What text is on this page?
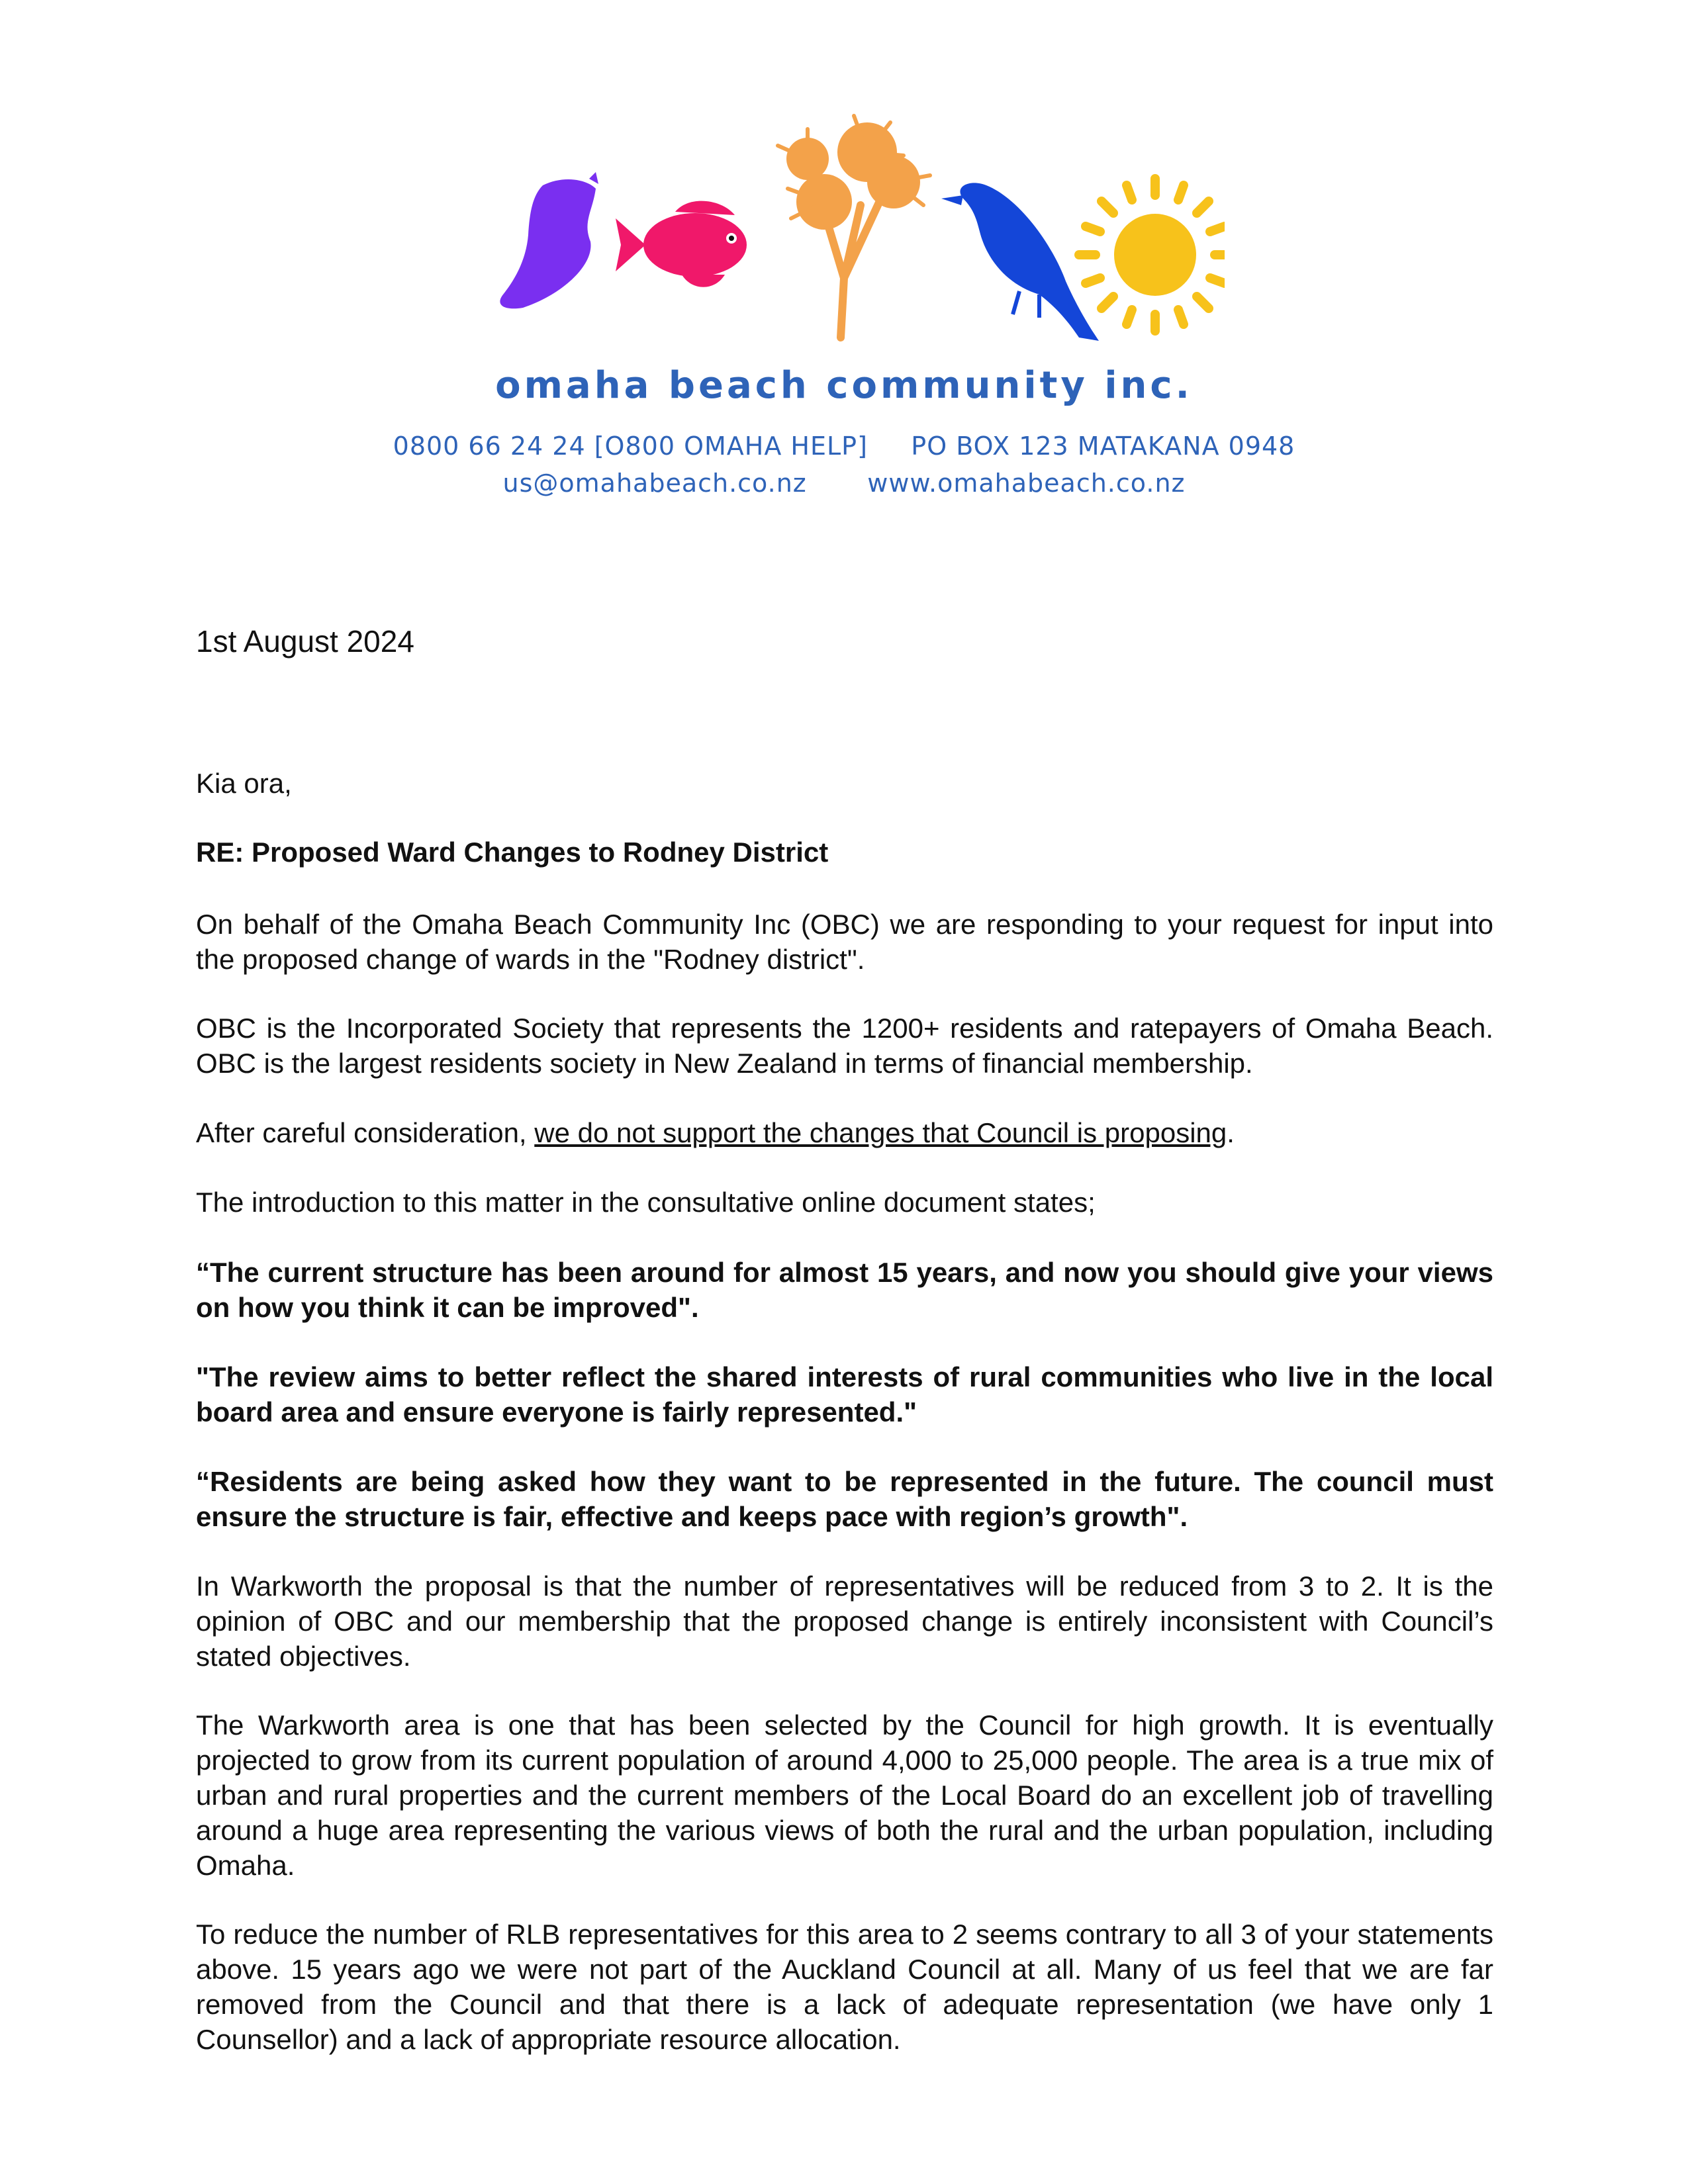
omaha beach community inc.
0800 66 24 24 [O800 OMAHA HELP]     PO BOX 123 MATAKANA 0948
us@omahabeach.co.nz       www.omahabeach.co.nz
1st August 2024
Kia ora,
RE: Proposed Ward Changes to Rodney District

On behalf of the Omaha Beach Community Inc (OBC) we are responding to your request for input into the proposed change of wards in the "Rodney district".

OBC is the Incorporated Society that represents the 1200+ residents and ratepayers of Omaha Beach. OBC is the largest residents society in New Zealand in terms of financial membership.

After careful consideration, we do not support the changes that Council is proposing.

The introduction to this matter in the consultative online document states;

“The current structure has been around for almost 15 years, and now you should give your views on how you think it can be improved".

"The review aims to better reflect the shared interests of rural communities who live in the local board area and ensure everyone is fairly represented."

“Residents are being asked how they want to be represented in the future. The council must ensure the structure is fair, effective and keeps pace with region’s growth".

In Warkworth the proposal is that the number of representatives will be reduced from 3 to 2. It is the opinion of OBC and our membership that the proposed change is entirely inconsistent with Council’s stated objectives.

The Warkworth area is one that has been selected by the Council for high growth. It is eventually projected to grow from its current population of around 4,000 to 25,000 people. The area is a true mix of urban and rural properties and the current members of the Local Board do an excellent job of travelling around a huge area representing the various views of both the rural and the urban population, including Omaha.

To reduce the number of RLB representatives for this area to 2 seems contrary to all 3 of your statements above. 15 years ago we were not part of the Auckland Council at all. Many of us feel that we are far removed from the Council and that there is a lack of adequate representation (we have only 1 Counsellor) and a lack of appropriate resource allocation.
